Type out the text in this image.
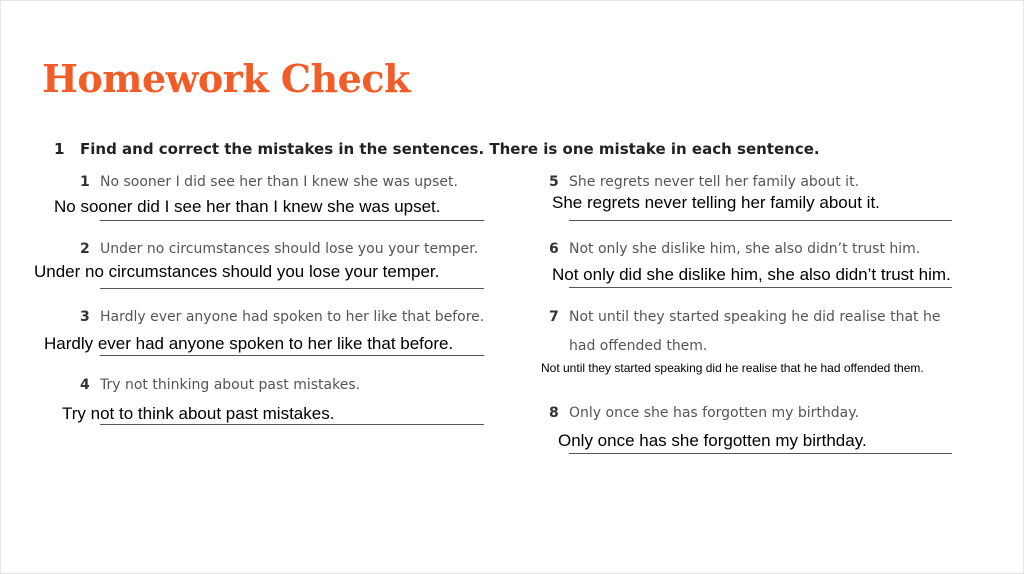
Homework Check
1 Find and correct the mistakes in the sentences. There is one mistake in each sentence.
1 No sooner I did see her than I knew she was upset.
No sooner did I see her than I knew she was upset.
2 Under no circumstances should lose you your temper.
Under no circumstances should you lose your temper.
3 Hardly ever anyone had spoken to her like that before.
Hardly ever had anyone spoken to her like that before.
4 Try not thinking about past mistakes.
Try not to think about past mistakes.
5 She regrets never tell her family about it.
She regrets never telling her family about it.
6 Not only she dislike him, she also didn’t trust him.
Not only did she dislike him, she also didn’t trust him.
7 Not until they started speaking he did realise that he
had offended them.
Not until they started speaking did he realise that he had offended them.
8 Only once she has forgotten my birthday.
Only once has she forgotten my birthday.
